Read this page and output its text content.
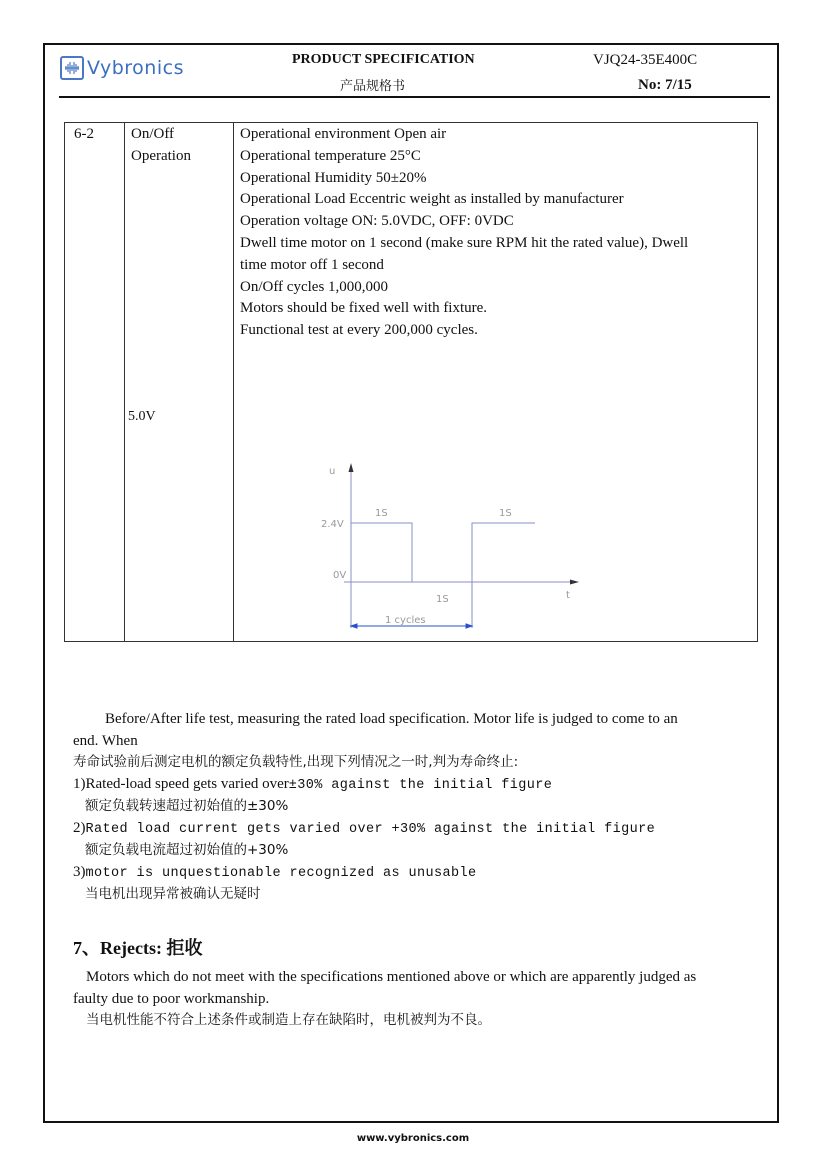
Vybronics	PRODUCT SPECIFICATION
产品规格书
VJQ24-35E400C
No: 7/15
6-2 On/Off
Operation
5.0V
Operational environment Open air
Operational temperature 25°C
Operational Humidity 50±20%
Operational Load Eccentric weight as installed by manufacturer
Operation voltage ON: 5.0VDC, OFF: 0VDC
Dwell time motor on 1 second (make sure RPM hit the rated value), Dwell
time motor off 1 second
On/Off cycles 1,000,000
Motors should be fixed well with fixture.
Functional test at every 200,000 cycles.
u
t
2.4V
0V
1S
1S
1S
1 cycles
Before/After life test, measuring the rated load specification. Motor life is judged to come to an
end. When
寿命试验前后测定电机的额定负载特性,出现下列情况之一时,判为寿命终止:
1)Rated-load speed gets varied over±30% against the initial figure
额定负载转速超过初始值的±30%
2)Rated load current gets varied over +30% against the initial figure
额定负载电流超过初始值的+30%
3)motor is unquestionable recognized as unusable
当电机出现异常被确认无疑时
7、Rejects: 拒收
Motors which do not meet with the specifications mentioned above or which are apparently judged as
faulty due to poor workmanship.
当电机性能不符合上述条件或制造上存在缺陷时，电机被判为不良。
www.vybronics.com
